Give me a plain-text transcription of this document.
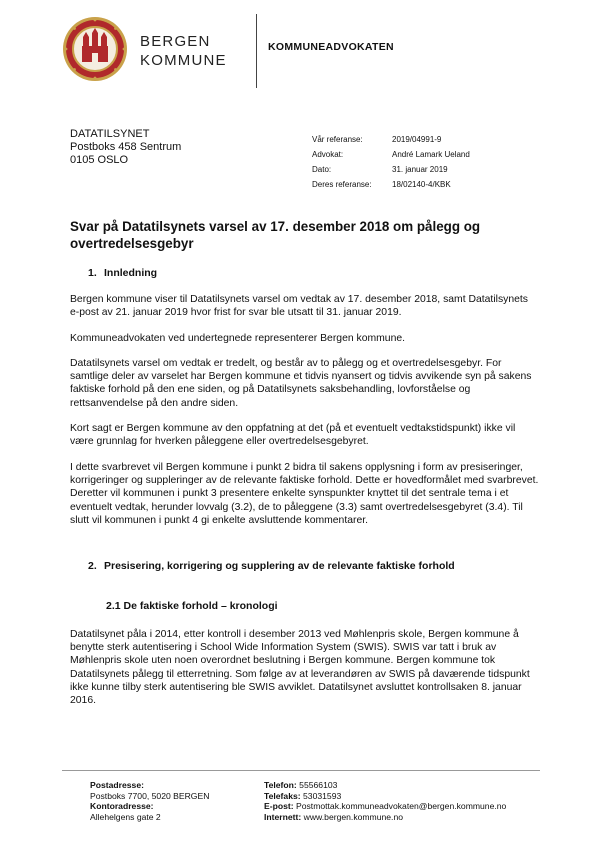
BERGEN
KOMMUNE
KOMMUNEADVOKATEN
DATATILSYNET
Postboks 458 Sentrum
0105 OSLO
Vår referanse:	2019/04991-9
Advokat:	André Lamark Ueland
Dato:	31. januar 2019
Deres referanse:	18/02140-4/KBK
Svar på Datatilsynets varsel av 17. desember 2018 om pålegg og overtredelsesgebyr
1. Innledning
Bergen kommune viser til Datatilsynets varsel om vedtak av 17. desember 2018, samt Datatilsynets e-post av 21. januar 2019 hvor frist for svar ble utsatt til 31. januar 2019.
Kommuneadvokaten ved undertegnede representerer Bergen kommune.
Datatilsynets varsel om vedtak er tredelt, og består av to pålegg og et overtredelsesgebyr. For samtlige deler av varselet har Bergen kommune et tidvis nyansert og tidvis avvikende syn på sakens faktiske forhold på den ene siden, og på Datatilsynets saksbehandling, lovforståelse og rettsanvendelse på den andre siden.
Kort sagt er Bergen kommune av den oppfatning at det (på et eventuelt vedtakstidspunkt) ikke vil være grunnlag for hverken påleggene eller overtredelsesgebyret.
I dette svarbrevet vil Bergen kommune i punkt 2 bidra til sakens opplysning i form av presiseringer, korrigeringer og suppleringer av de relevante faktiske forhold. Dette er hovedformålet med svarbrevet. Deretter vil kommunen i punkt 3 presentere enkelte synspunkter knyttet til det sentrale tema i et eventuelt vedtak, herunder lovvalg (3.2), de to påleggene (3.3) samt overtredelsesgebyret (3.4). Til slutt vil kommunen i punkt 4 gi enkelte avsluttende kommentarer.
2. Presisering, korrigering og supplering av de relevante faktiske forhold
2.1 De faktiske forhold – kronologi
Datatilsynet påla i 2014, etter kontroll i desember 2013 ved Møhlenpris skole, Bergen kommune å benytte sterk autentisering i School Wide Information System (SWIS). SWIS var tatt i bruk av Møhlenpris skole uten noen overordnet beslutning i Bergen kommune. Bergen kommune tok Datatilsynets pålegg til etterretning. Som følge av at leverandøren av SWIS på daværende tidspunkt ikke kunne tilby sterk autentisering ble SWIS avviklet. Datatilsynet avsluttet kontrollsaken 8. januar 2016.
Postadresse:
Postboks 7700, 5020 BERGEN
Kontoradresse:
Allehelgens gate 2
Telefon: 55566103
Telefaks: 53031593
E-post: Postmottak.kommuneadvokaten@bergen.kommune.no
Internett: www.bergen.kommune.no
